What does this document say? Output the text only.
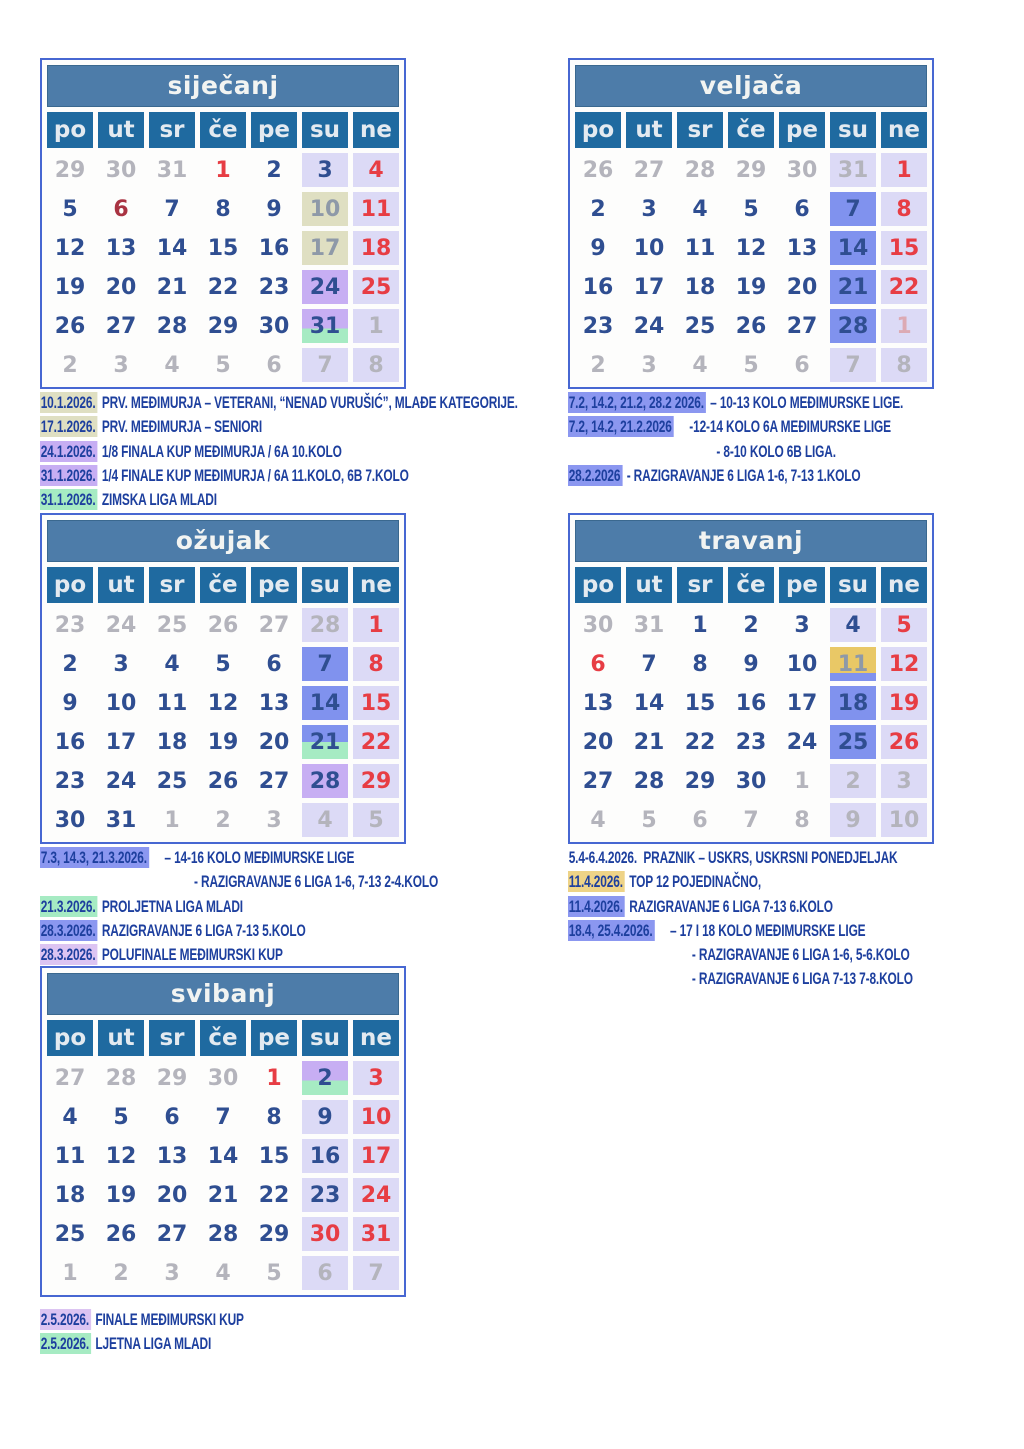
siječanj
po ut	sr	če pe su ne
29 30 31	1	2	3	4
5	6	7	8	9	10 11
12 13 14 15 16 17 18
19 20 21 22 23 24 25
26 27 28 29 30 31	1
2	3	4	5	6	7	8
veljača
po ut	sr	če pe su ne
26 27 28 29 30 31	1
2	3	4	5	6	7	8
9	10 11 12 13 14 15
16 17 18 19 20 21 22
23 24 25 26 27 28	1
2	3	4	5	6	7	8
ožujak
po ut	sr	če pe su ne
23 24 25 26 27 28	1
2	3	4	5	6	7	8
9	10 11 12 13 14 15
16 17 18 19 20 21 22
23 24 25 26 27 28 29
30 31	1	2	3	4	5
travanj
po ut	sr	če pe su ne
30 31	1	2	3	4	5
6	7	8	9	10 11 12
13 14 15 16 17 18 19
20 21 22 23 24 25 26
27 28 29 30	1	2	3
4	5	6	7	8	9	10
svibanj
po ut	sr	če pe su ne
27 28 29 30	1	2	3
4	5	6	7	8	9	10
11 12 13 14 15 16 17
18 19 20 21 22 23 24
25 26 27 28 29 30 31
1	2	3	4	5	6	7
10.1.2026. PRV. MEĐIMURJA – VETERANI, “NENAD VURUŠIĆ”, MLAĐE KATEGORIJE.
17.1.2026. PRV. MEĐIMURJA – SENIORI
24.1.2026. 1/8 FINALA KUP MEĐIMURJA / 6A 10.KOLO
31.1.2026. 1/4 FINALE KUP MEĐIMURJA / 6A 11.KOLO, 6B 7.KOLO
31.1.2026. ZIMSKA LIGA MLADI
7.2, 14.2, 21.2, 28.2 2026. – 10-13 KOLO MEĐIMURSKE LIGE.
7.2, 14.2, 21.2.2026 -12-14 KOLO 6A MEĐIMURSKE LIGE
- 8-10 KOLO 6B LIGA.
28.2.2026 - RAZIGRAVANJE 6 LIGA 1-6, 7-13 1.KOLO
7.3, 14.3, 21.3.2026. – 14-16 KOLO MEĐIMURSKE LIGE
- RAZIGRAVANJE 6 LIGA 1-6, 7-13 2-4.KOLO
21.3.2026. PROLJETNA LIGA MLADI
28.3.2026. RAZIGRAVANJE 6 LIGA 7-13 5.KOLO
28.3.2026. POLUFINALE MEĐIMURSKI KUP
5.4-6.4.2026. PRAZNIK – USKRS, USKRSNI PONEDJELJAK
11.4.2026. TOP 12 POJEDINAČNO,
11.4.2026. RAZIGRAVANJE 6 LIGA 7-13 6.KOLO
18.4, 25.4.2026. – 17 I 18 KOLO MEĐIMURSKE LIGE
- RAZIGRAVANJE 6 LIGA 1-6, 5-6.KOLO
- RAZIGRAVANJE 6 LIGA 7-13 7-8.KOLO
2.5.2026. FINALE MEĐIMURSKI KUP
2.5.2026. LJETNA LIGA MLADI
